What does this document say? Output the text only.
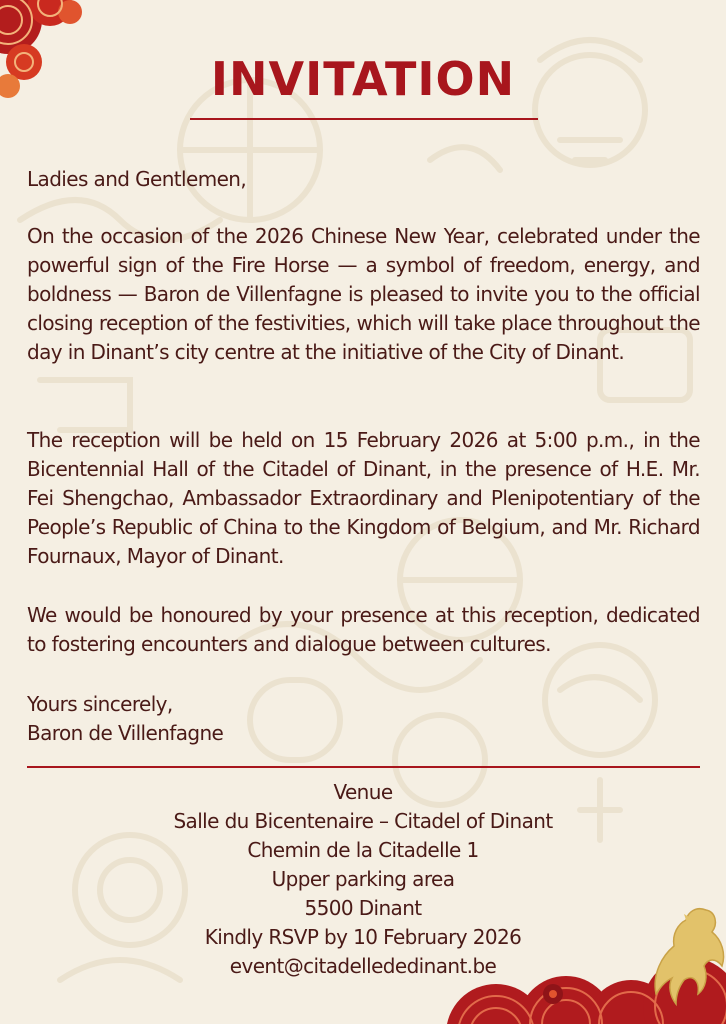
INVITATION
Ladies and Gentlemen,
On the occasion of the 2026 Chinese New Year, celebrated under the powerful sign of the Fire Horse — a symbol of freedom, energy, and boldness — Baron de Villenfagne is pleased to invite you to the official closing reception of the festivities, which will take place throughout the day in Dinant’s city centre at the initiative of the City of Dinant.
The reception will be held on 15 February 2026 at 5:00 p.m., in the Bicentennial Hall of the Citadel of Dinant, in the presence of H.E. Mr. Fei Shengchao, Ambassador Extraordinary and Plenipotentiary of the People’s Republic of China to the Kingdom of Belgium, and Mr. Richard Fournaux, Mayor of Dinant.
We would be honoured by your presence at this reception, dedicated to fostering encounters and dialogue between cultures.
Yours sincerely,
Baron de Villenfagne
Venue
Salle du Bicentenaire – Citadel of Dinant
Chemin de la Citadelle 1
Upper parking area
5500 Dinant
Kindly RSVP by 10 February 2026
event@citadellededinant.be
